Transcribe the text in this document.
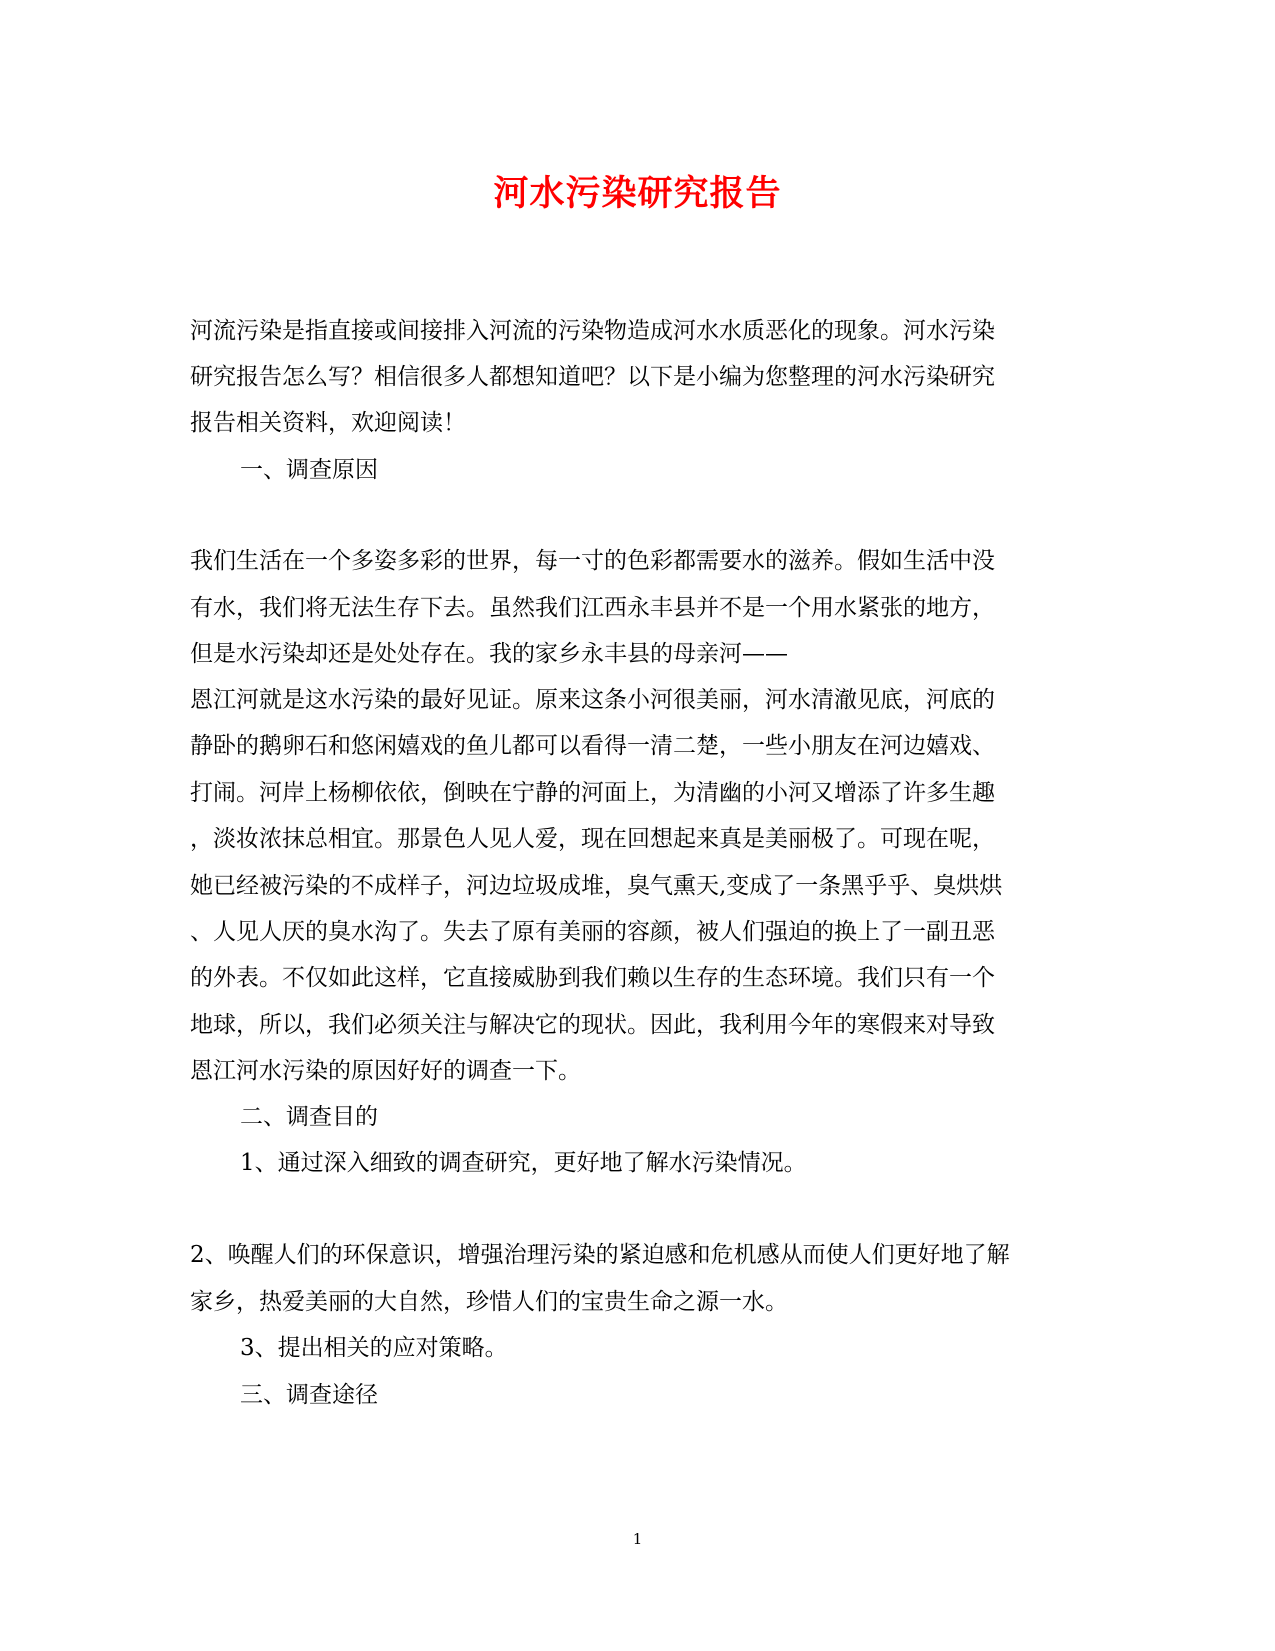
河水污染研究报告
河流污染是指直接或间接排入河流的污染物造成河水水质恶化的现象。河水污染
研究报告怎么写？相信很多人都想知道吧？以下是小编为您整理的河水污染研究
报告相关资料，欢迎阅读！
一、调查原因
我们生活在一个多姿多彩的世界，每一寸的色彩都需要水的滋养。假如生活中没
有水，我们将无法生存下去。虽然我们江西永丰县并不是一个用水紧张的地方，
但是水污染却还是处处存在。我的家乡永丰县的母亲河——
恩江河就是这水污染的最好见证。原来这条小河很美丽，河水清澈见底，河底的
静卧的鹅卵石和悠闲嬉戏的鱼儿都可以看得一清二楚，一些小朋友在河边嬉戏、
打闹。河岸上杨柳依依，倒映在宁静的河面上，为清幽的小河又增添了许多生趣
，淡妆浓抹总相宜。那景色人见人爱，现在回想起来真是美丽极了。可现在呢，
她已经被污染的不成样子，河边垃圾成堆，臭气熏天,变成了一条黑乎乎、臭烘烘
、人见人厌的臭水沟了。失去了原有美丽的容颜，被人们强迫的换上了一副丑恶
的外表。不仅如此这样，它直接威胁到我们赖以生存的生态环境。我们只有一个
地球，所以，我们必须关注与解决它的现状。因此，我利用今年的寒假来对导致
恩江河水污染的原因好好的调查一下。
二、调查目的
1、通过深入细致的调查研究，更好地了解水污染情况。
2、唤醒人们的环保意识，增强治理污染的紧迫感和危机感从而使人们更好地了解
家乡，热爱美丽的大自然，珍惜人们的宝贵生命之源一水。
3、提出相关的应对策略。
三、调查途径
1
